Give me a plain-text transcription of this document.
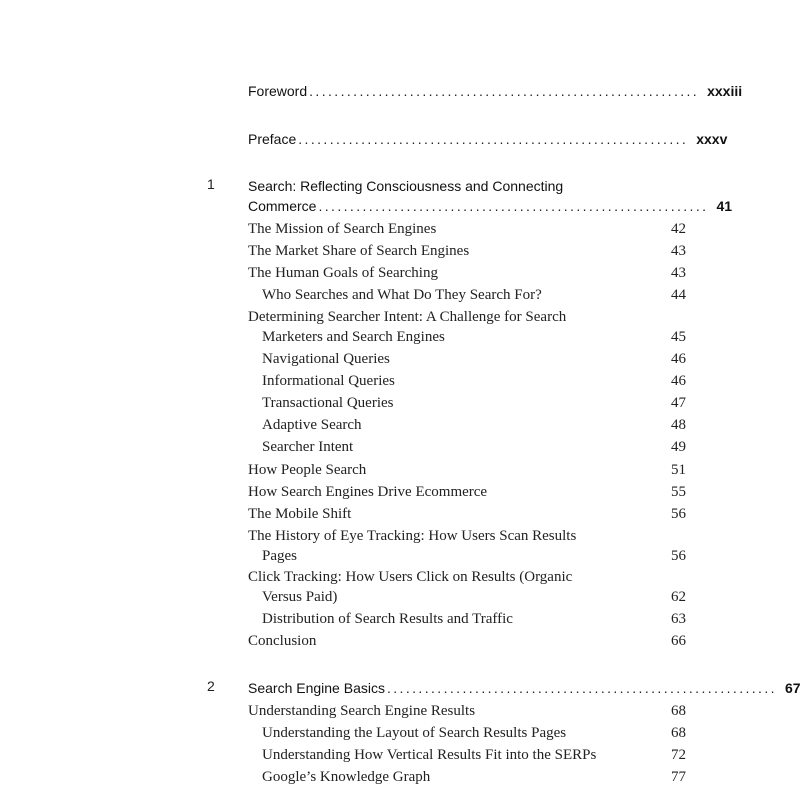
Foreword .............................................................. xxxiii
Preface .............................................................. xxxv
1	Search: Reflecting Consciousness and Connecting
Commerce .............................................................. 41
The Mission of Search Engines	42
The Market Share of Search Engines	43
The Human Goals of Searching	43
Who Searches and What Do They Search For?	44
Determining Searcher Intent: A Challenge for Search
Marketers and Search Engines	45
Navigational Queries	46
Informational Queries	46
Transactional Queries	47
Adaptive Search	48
Searcher Intent	49
How People Search	51
How Search Engines Drive Ecommerce	55
The Mobile Shift	56
The History of Eye Tracking: How Users Scan Results
Pages	56
Click Tracking: How Users Click on Results (Organic
Versus Paid)	62
Distribution of Search Results and Traffic	63
Conclusion	66
2	Search Engine Basics .............................................................. 67
Understanding Search Engine Results	68
Understanding the Layout of Search Results Pages	68
Understanding How Vertical Results Fit into the SERPs	72
Google’s Knowledge Graph	77
